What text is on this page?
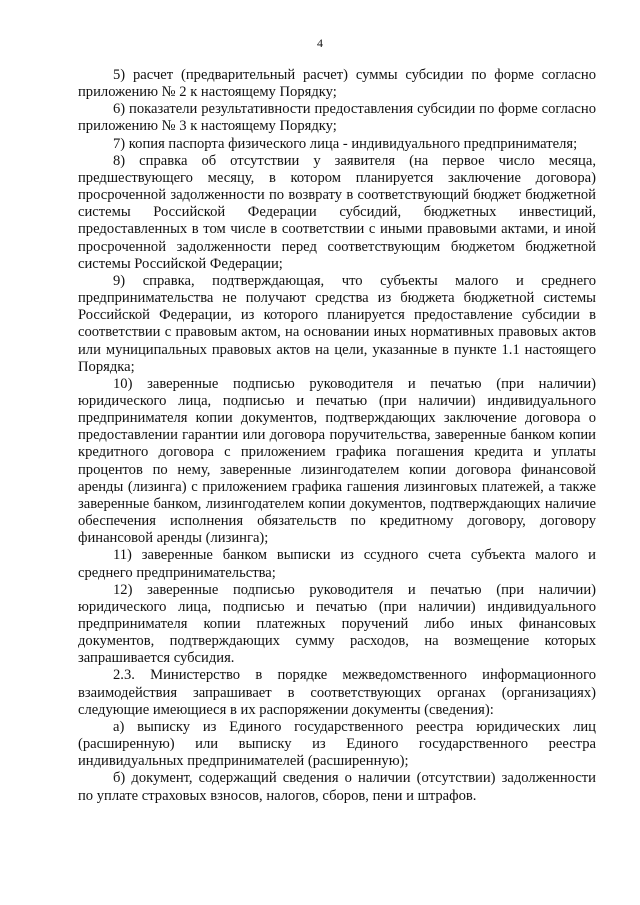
4

5) расчет (предварительный расчет) суммы субсидии по форме согласно приложению № 2 к настоящему Порядку;

6) показатели результативности предоставления субсидии по форме согласно приложению № 3 к настоящему Порядку;

7) копия паспорта физического лица - индивидуального предпринимателя;

8) справка об отсутствии у заявителя (на первое число месяца, предшествующего месяцу, в котором планируется заключение договора) просроченной задолженности по возврату в соответствующий бюджет бюджетной системы Российской Федерации субсидий, бюджетных инвестиций, предоставленных в том числе в соответствии с иными правовыми актами, и иной просроченной задолженности перед соответствующим бюджетом бюджетной системы Российской Федерации;

9) справка, подтверждающая, что субъекты малого и среднего предпринимательства не получают средства из бюджета бюджетной системы Российской Федерации, из которого планируется предоставление субсидии в соответствии с правовым актом, на основании иных нормативных правовых актов или муниципальных правовых актов на цели, указанные в пункте 1.1 настоящего Порядка;

10) заверенные подписью руководителя и печатью (при наличии) юридического лица, подписью и печатью (при наличии) индивидуального предпринимателя копии документов, подтверждающих заключение договора о предоставлении гарантии или договора поручительства, заверенные банком копии кредитного договора с приложением графика погашения кредита и уплаты процентов по нему, заверенные лизингодателем копии договора финансовой аренды (лизинга) с приложением графика гашения лизинговых платежей, а также заверенные банком, лизингодателем копии документов, подтверждающих наличие обеспечения исполнения обязательств по кредитному договору, договору финансовой аренды (лизинга);

11) заверенные банком выписки из ссудного счета субъекта малого и среднего предпринимательства;

12) заверенные подписью руководителя и печатью (при наличии) юридического лица, подписью и печатью (при наличии) индивидуального предпринимателя копии платежных поручений либо иных финансовых документов, подтверждающих сумму расходов, на возмещение которых запрашивается субсидия.

2.3. Министерство в порядке межведомственного информационного взаимодействия запрашивает в соответствующих органах (организациях) следующие имеющиеся в их распоряжении документы (сведения):

а) выписку из Единого государственного реестра юридических лиц (расширенную) или выписку из Единого государственного реестра индивидуальных предпринимателей (расширенную);

б) документ, содержащий сведения о наличии (отсутствии) задолженности по уплате страховых взносов, налогов, сборов, пени и штрафов.
